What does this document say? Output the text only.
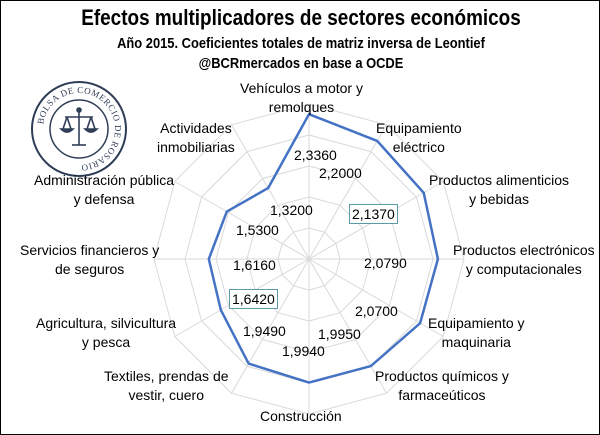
Efectos multiplicadores de sectores económicos
Año 2015. Coeficientes totales de matriz inversa de Leontief
@BCRmercados en base a OCDE
BOLSA DE COMERCIO DE ROSARIO
Vehículos a motor y
remolques
Equipamiento
eléctrico
Productos alimenticios
y bebidas
Productos electrónicos
y computacionales
Equipamiento y
maquinaria
Productos químicos y
farmaceúticos
Construcción
Textiles, prendas de
vestir, cuero
Agricultura, silvicultura
y pesca
Servicios financieros y
de seguros
Administración pública
y defensa
Actividades
inmobiliarias	2,3360
2,2000
2,1370
2,0790
2,0700
1,9950
1,9940
1,9490
1,6420
1,6160
1,5300
1,3200
